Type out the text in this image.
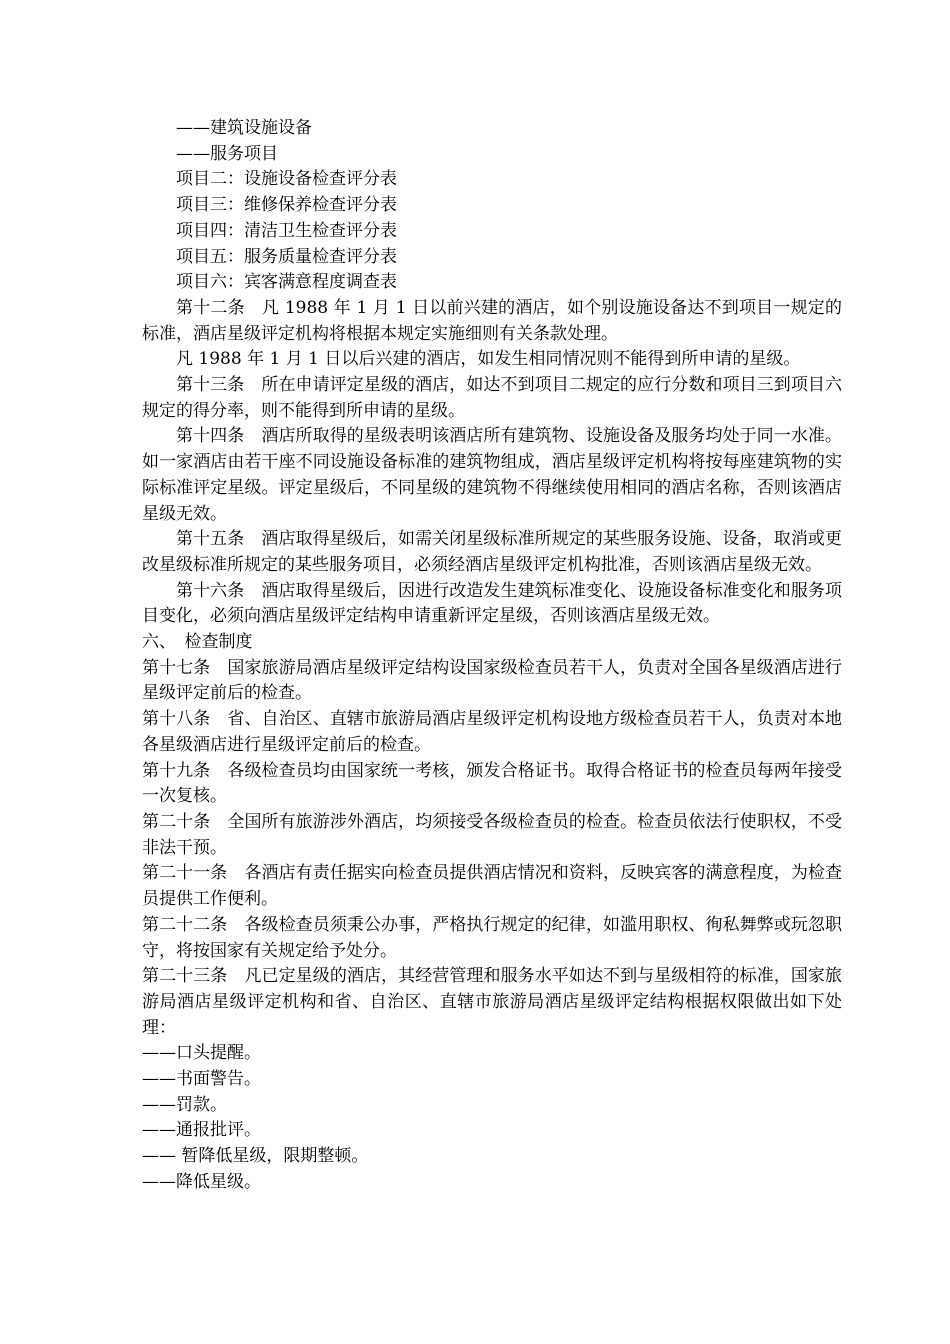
——建筑设施设备

——服务项目

项目二：设施设备检查评分表

项目三：维修保养检查评分表

项目四：清洁卫生检查评分表

项目五：服务质量检查评分表

项目六：宾客满意程度调查表

第十二条　凡 1988 年 1 月 1 日以前兴建的酒店，如个别设施设备达不到项目一规定的标准，酒店星级评定机构将根据本规定实施细则有关条款处理。

凡 1988 年 1 月 1 日以后兴建的酒店，如发生相同情况则不能得到所申请的星级。

第十三条　所在申请评定星级的酒店，如达不到项目二规定的应行分数和项目三到项目六规定的得分率，则不能得到所申请的星级。

第十四条　酒店所取得的星级表明该酒店所有建筑物、设施设备及服务均处于同一水准。如一家酒店由若干座不同设施设备标准的建筑物组成，酒店星级评定机构将按每座建筑物的实际标准评定星级。评定星级后，不同星级的建筑物不得继续使用相同的酒店名称，否则该酒店星级无效。

第十五条　酒店取得星级后，如需关闭星级标准所规定的某些服务设施、设备，取消或更改星级标准所规定的某些服务项目，必须经酒店星级评定机构批准，否则该酒店星级无效。

第十六条　酒店取得星级后，因进行改造发生建筑标准变化、设施设备标准变化和服务项目变化，必须向酒店星级评定结构申请重新评定星级，否则该酒店星级无效。

六、　检查制度

第十七条　国家旅游局酒店星级评定结构设国家级检查员若干人，负责对全国各星级酒店进行星级评定前后的检查。

第十八条　省、自治区、直辖市旅游局酒店星级评定机构设地方级检查员若干人，负责对本地各星级酒店进行星级评定前后的检查。

第十九条　各级检查员均由国家统一考核，颁发合格证书。取得合格证书的检查员每两年接受一次复核。

第二十条　全国所有旅游涉外酒店，均须接受各级检查员的检查。检查员依法行使职权，不受非法干预。

第二十一条　各酒店有责任据实向检查员提供酒店情况和资料，反映宾客的满意程度，为检查员提供工作便利。

第二十二条　各级检查员须秉公办事，严格执行规定的纪律，如滥用职权、徇私舞弊或玩忽职守，将按国家有关规定给予处分。

第二十三条　凡已定星级的酒店，其经营管理和服务水平如达不到与星级相符的标准，国家旅游局酒店星级评定机构和省、自治区、直辖市旅游局酒店星级评定结构根据权限做出如下处理：

——口头提醒。

——书面警告。

——罚款。

——通报批评。

—— 暂降低星级，限期整顿。

——降低星级。
